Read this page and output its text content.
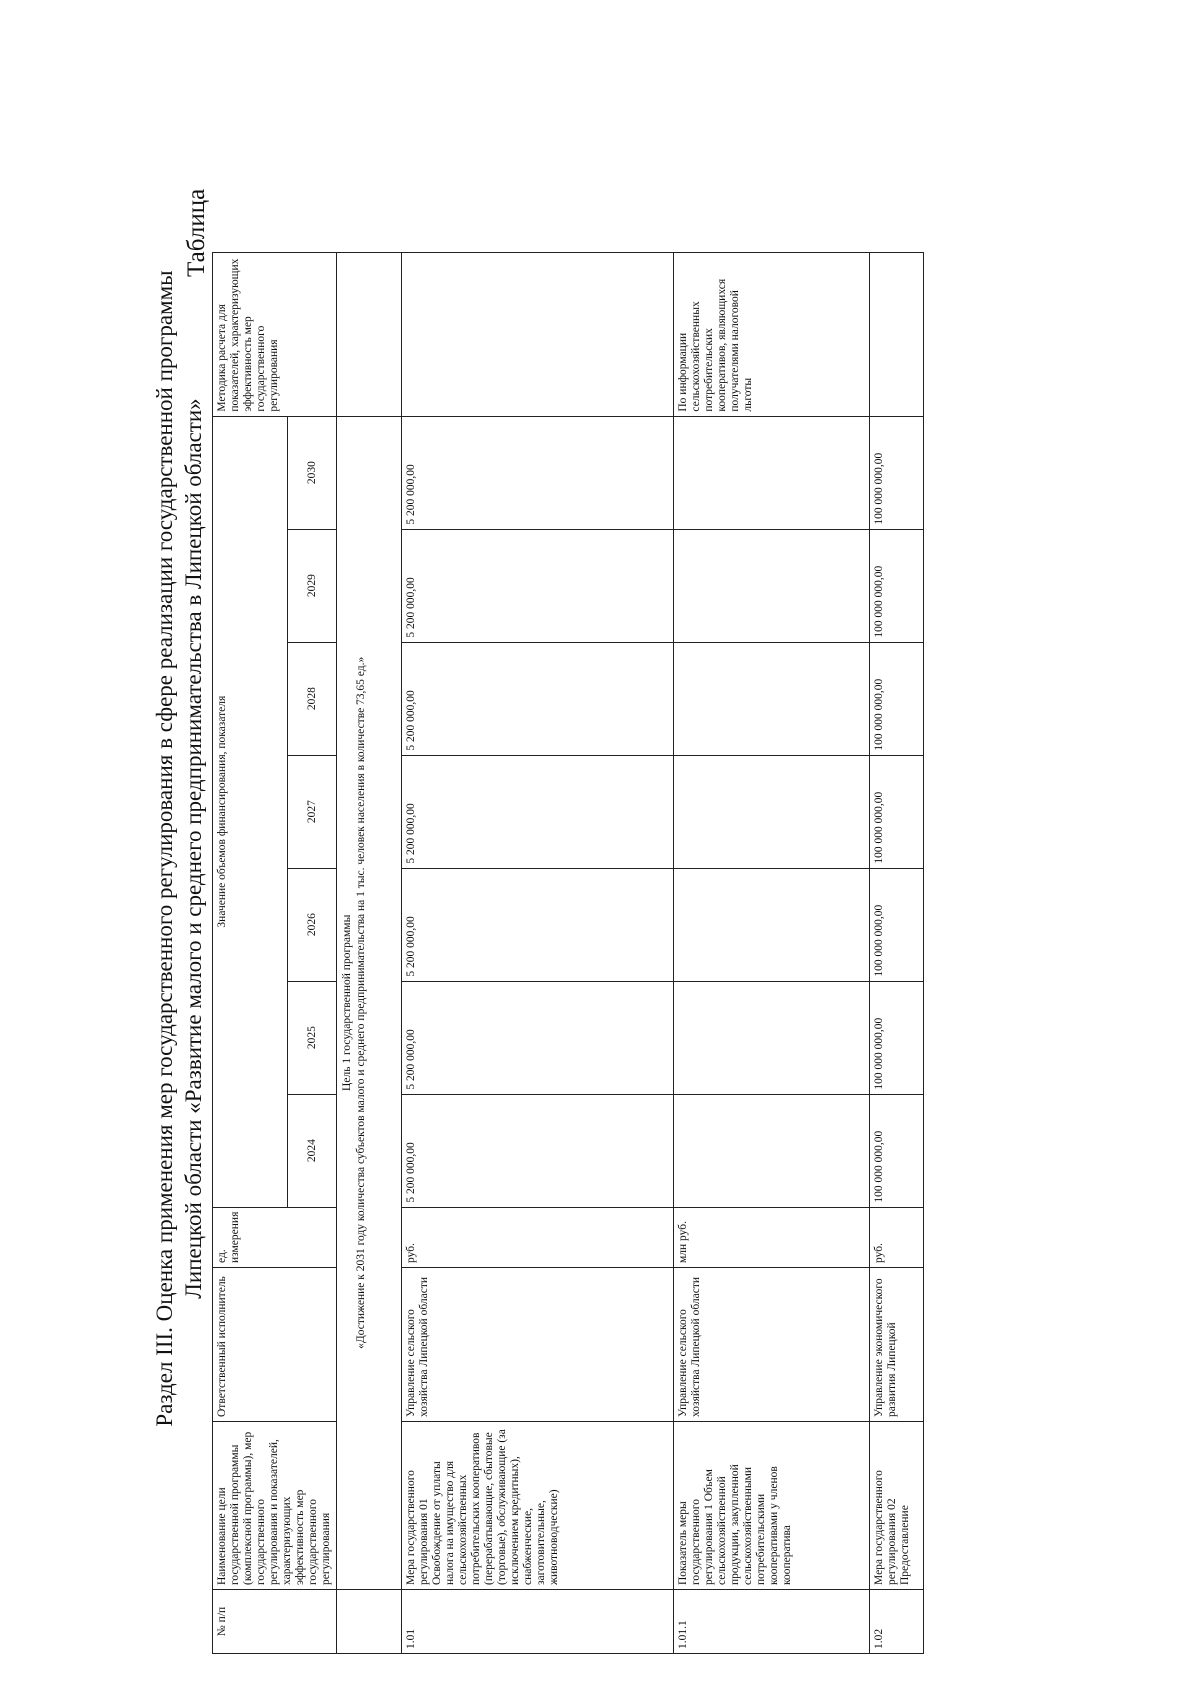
Раздел III. Оценка применения мер государственного регулирования в сфере реализации государственной программы Липецкой области «Развитие малого и среднего предпринимательства в Липецкой области»
Таблица
№ п/п	Наименование цели государственной программы (комплексной программы), мер государственного регулирования и показателей, характеризующих эффективность мер государственного регулирования	Ответственный исполнитель	ед. измерения	Значение объемов финансирования, показателя							Методика расчета для показателей, характеризующих эффективность мер государственного регулирования
				2024	2025	2026	2027	2028	2029	2030	

	Цель 1 государственной программы «Достижение к 2031 году количества субъектов малого и среднего предпринимательства на 1 тыс. человек населения в количестве 73,65 ед.»										

1.01	Мера государственного регулирования 01 Освобождение от уплаты налога на имущество для сельскохозяйственных потребительских кооперативов (перерабатывающие, сбытовые (торговые), обслуживающие (за исключением кредитных), снабженческие, заготовительные, животноводческие)	Управление сельского хозяйства Липецкой области	руб.	5 200 000,00	5 200 000,00	5 200 000,00	5 200 000,00	5 200 000,00	5 200 000,00	5 200 000,00	
1.01.1	Показатель меры государственного регулирования 1 Объем сельскохозяйственной продукции, закупленной сельскохозяйственными потребительскими кооперативами у членов кооператива	Управление сельского хозяйства Липецкой области	млн руб.								По информации сельскохозяйственных потребительских кооперативов, являющихся получателями налоговой льготы
1.02	Мера государственного регулирования 02 Предоставление	Управление экономического развития Липецкой	руб.	100 000 000,00	100 000 000,00	100 000 000,00	100 000 000,00	100 000 000,00	100 000 000,00	100 000 000,00	
